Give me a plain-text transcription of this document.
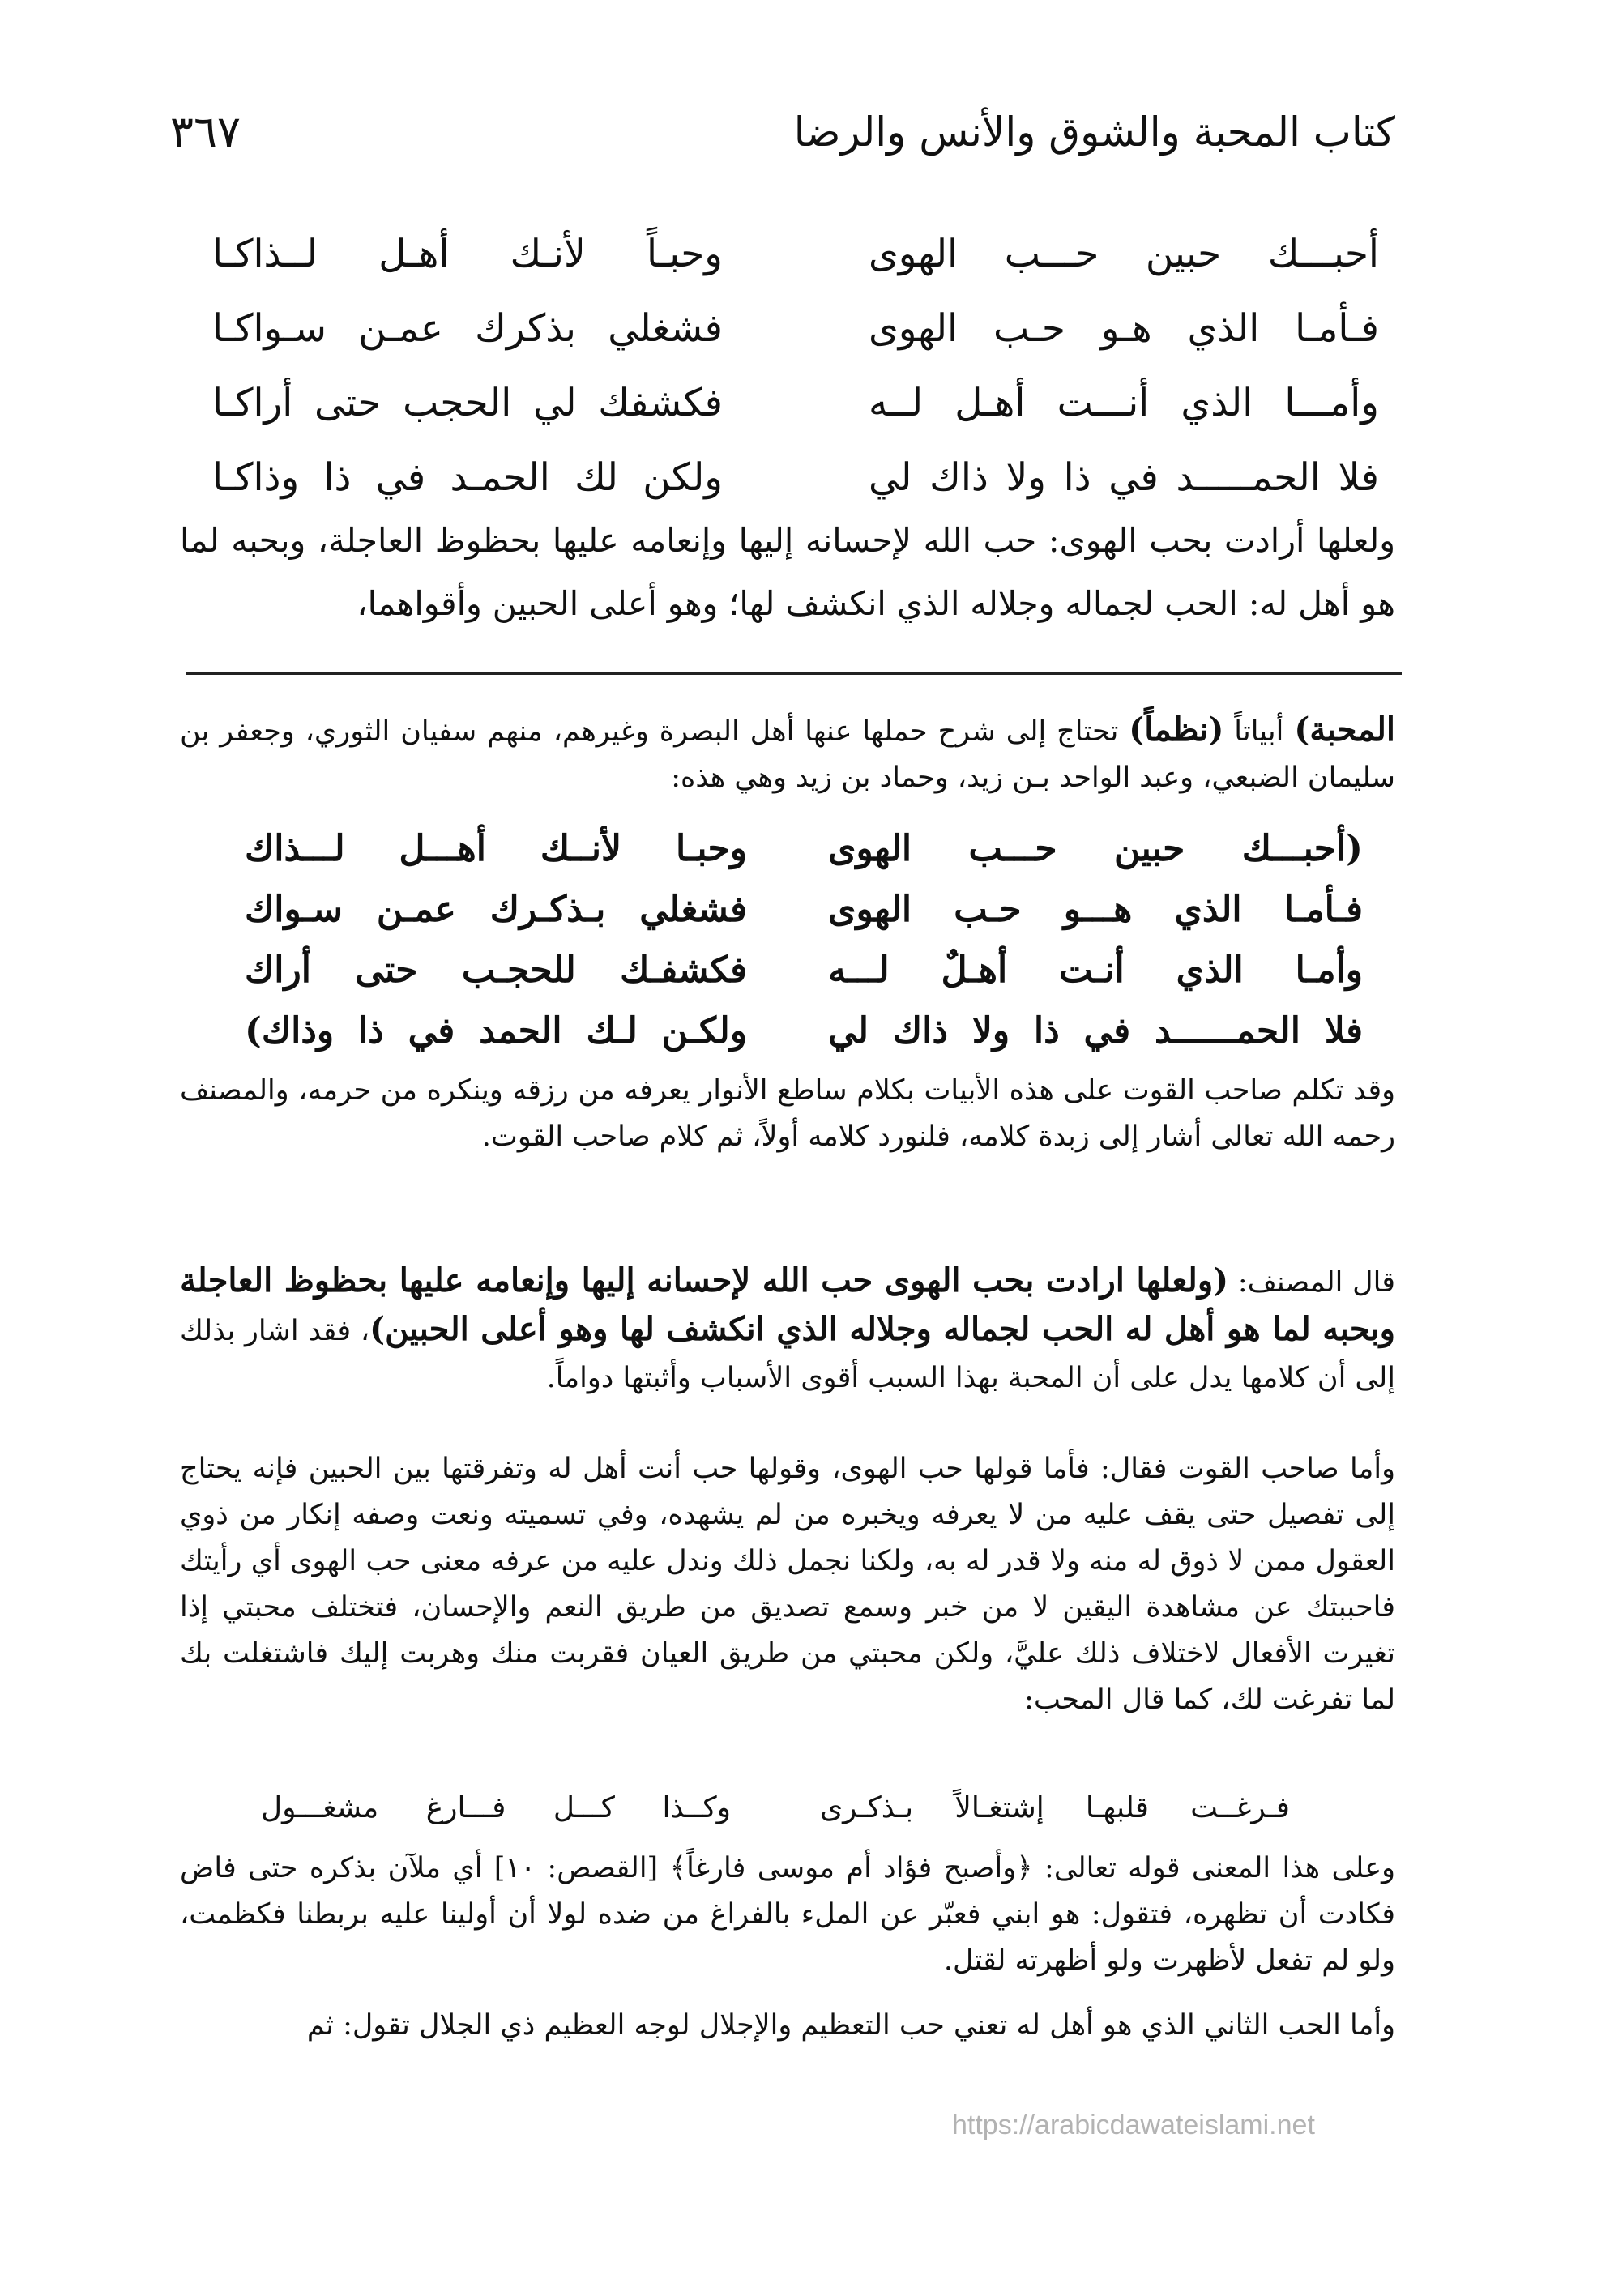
كتاب المحبة والشوق والأنس والرضا
٣٦٧
أحبـــك حبين حـــب الهوى
وحبـاً لأنـك أهـل لــذاكـا
فـأمـا الذي هـو حـب الهوى
فشغلي بذكرك عمـن سـواكـا
وأمـــا الذي أنـــت أهـل لــه
فكشفك لي الحجب حتى أراكـا
فلا الحمـــــد في ذا ولا ذاك لي
ولكن لك الحمـد في ذا وذاكـا
ولعلها أرادت بحب الهوى: حب الله لإحسانه إليها وإنعامه عليها بحظوظ العاجلة، وبحبه لما هو أهل له: الحب لجماله وجلاله الذي انكشف لها؛ وهو أعلى الحبين وأقواهما،
المحبة) أبياتاً (نظماً) تحتاج إلى شرح حملها عنها أهل البصرة وغيرهم، منهم سفيان الثوري، وجعفر بن سليمان الضبعي، وعبد الواحد بـن زيد، وحماد بن زيد وهي هذه:
(أحبـــك حبين حـــب الهوى
وحبـا لأنــك أهـــل لـــذاك
فـأمـا الذي هـــو حـب الهوى
فشغلي بـذكـرك عمـن سـواك
وأمـا الذي أنـت أهـلٌ لـــه
فكشفـك للحجـب حتى أراك
فلا الحمــــــد في ذا ولا ذاك لي
ولكـن لـك الحمد في ذا وذاك)
وقد تكلم صاحب القوت على هذه الأبيات بكلام ساطع الأنوار يعرفه من رزقه وينكره من حرمه، والمصنف رحمه الله تعالى أشار إلى زبدة كلامه، فلنورد كلامه أولاً، ثم كلام صاحب القوت.
قال المصنف: (ولعلها ارادت بحب الهوى حب الله لإحسانه إليها وإنعامه عليها بحظوظ العاجلة وبحبه لما هو أهل له الحب لجماله وجلاله الذي انكشف لها وهو أعلى الحبين)، فقد اشار بذلك إلى أن كلامها يدل على أن المحبة بهذا السبب أقوى الأسباب وأثبتها دواماً.
وأما صاحب القوت فقال: فأما قولها حب الهوى، وقولها حب أنت أهل له وتفرقتها بين الحبين فإنه يحتاج إلى تفصيل حتى يقف عليه من لا يعرفه ويخبره من لم يشهده، وفي تسميته ونعت وصفه إنكار من ذوي العقول ممن لا ذوق له منه ولا قدر له به، ولكنا نجمل ذلك وندل عليه من عرفه معنى حب الهوى أي رأيتك فاحببتك عن مشاهدة اليقين لا من خبر وسمع تصديق من طريق النعم والإحسان، فتختلف محبتي إذا تغيرت الأفعال لاختلاف ذلك عليَّ، ولكن محبتي من طريق العيان فقربت منك وهربت إليك فاشتغلت بك لما تفرغت لك، كما قال المحب:
فـرغــت قلبهـا إشتغـالاً بـذكـرى
وكــذا كـــل فـــارغ مشغـــول
وعلى هذا المعنى قوله تعالى: ﴿وأصبح فؤاد أم موسى فارغاً﴾ [القصص: ١٠] أي ملآن بذكره حتى فاض فكادت أن تظهره، فتقول: هو ابني فعبّر عن الملء بالفراغ من ضده لولا أن أولينا عليه بربطنا فكظمت، ولو لم تفعل لأظهرت ولو أظهرته لقتل.
وأما الحب الثاني الذي هو أهل له تعني حب التعظيم والإجلال لوجه العظيم ذي الجلال تقول: ثم
https://arabicdawateislami.net
